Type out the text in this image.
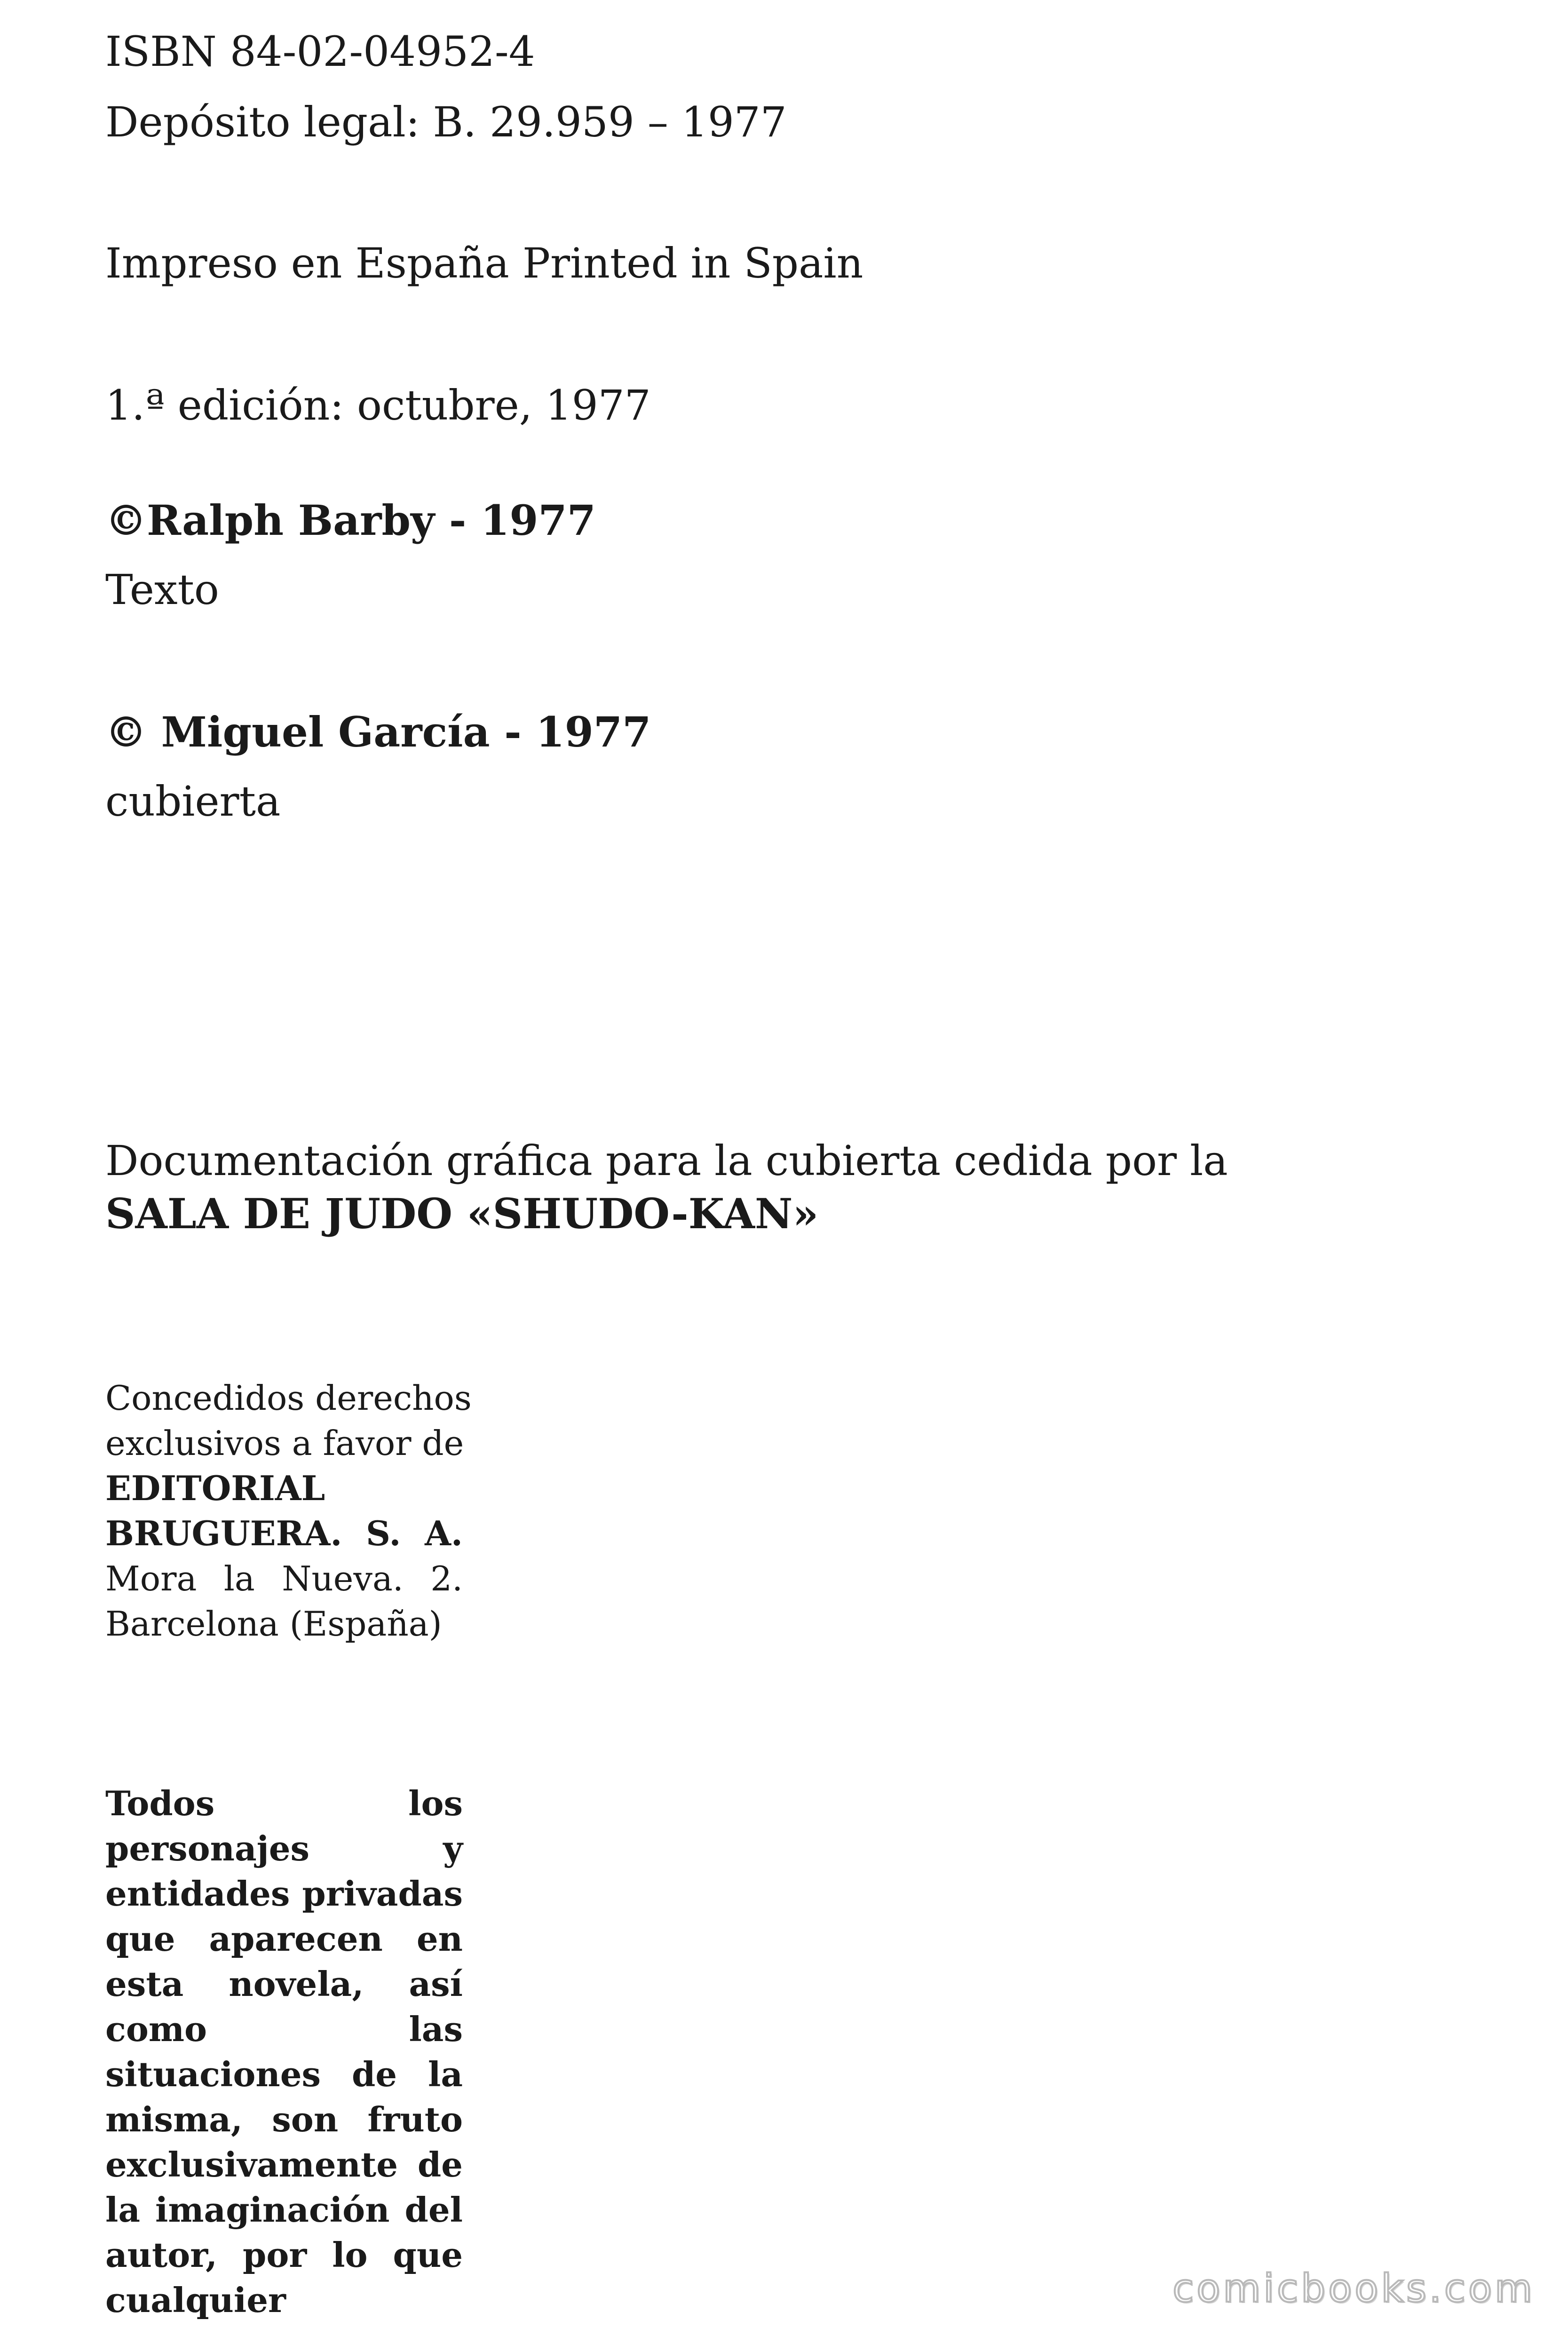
ISBN 84-02-04952-4
Depósito legal: B. 29.959 – 1977
Impreso en España Printed in Spain
1.ª edición: octubre, 1977
©Ralph Barby - 1977
Texto
© Miguel García - 1977
cubierta
Documentación gráfica para la cubierta cedida por la
SALA DE JUDO «SHUDO-KAN»
Concedidos derechos
exclusivos a favor de
EDITORIAL
BRUGUERA. S. A.
Mora la Nueva. 2.
Barcelona (España)
Todos los
personajes y
entidades privadas
que aparecen en
esta novela, así
como las
situaciones de la
misma, son fruto
exclusivamente de
la imaginación del
autor, por lo que
cualquier	comicbooks.com
